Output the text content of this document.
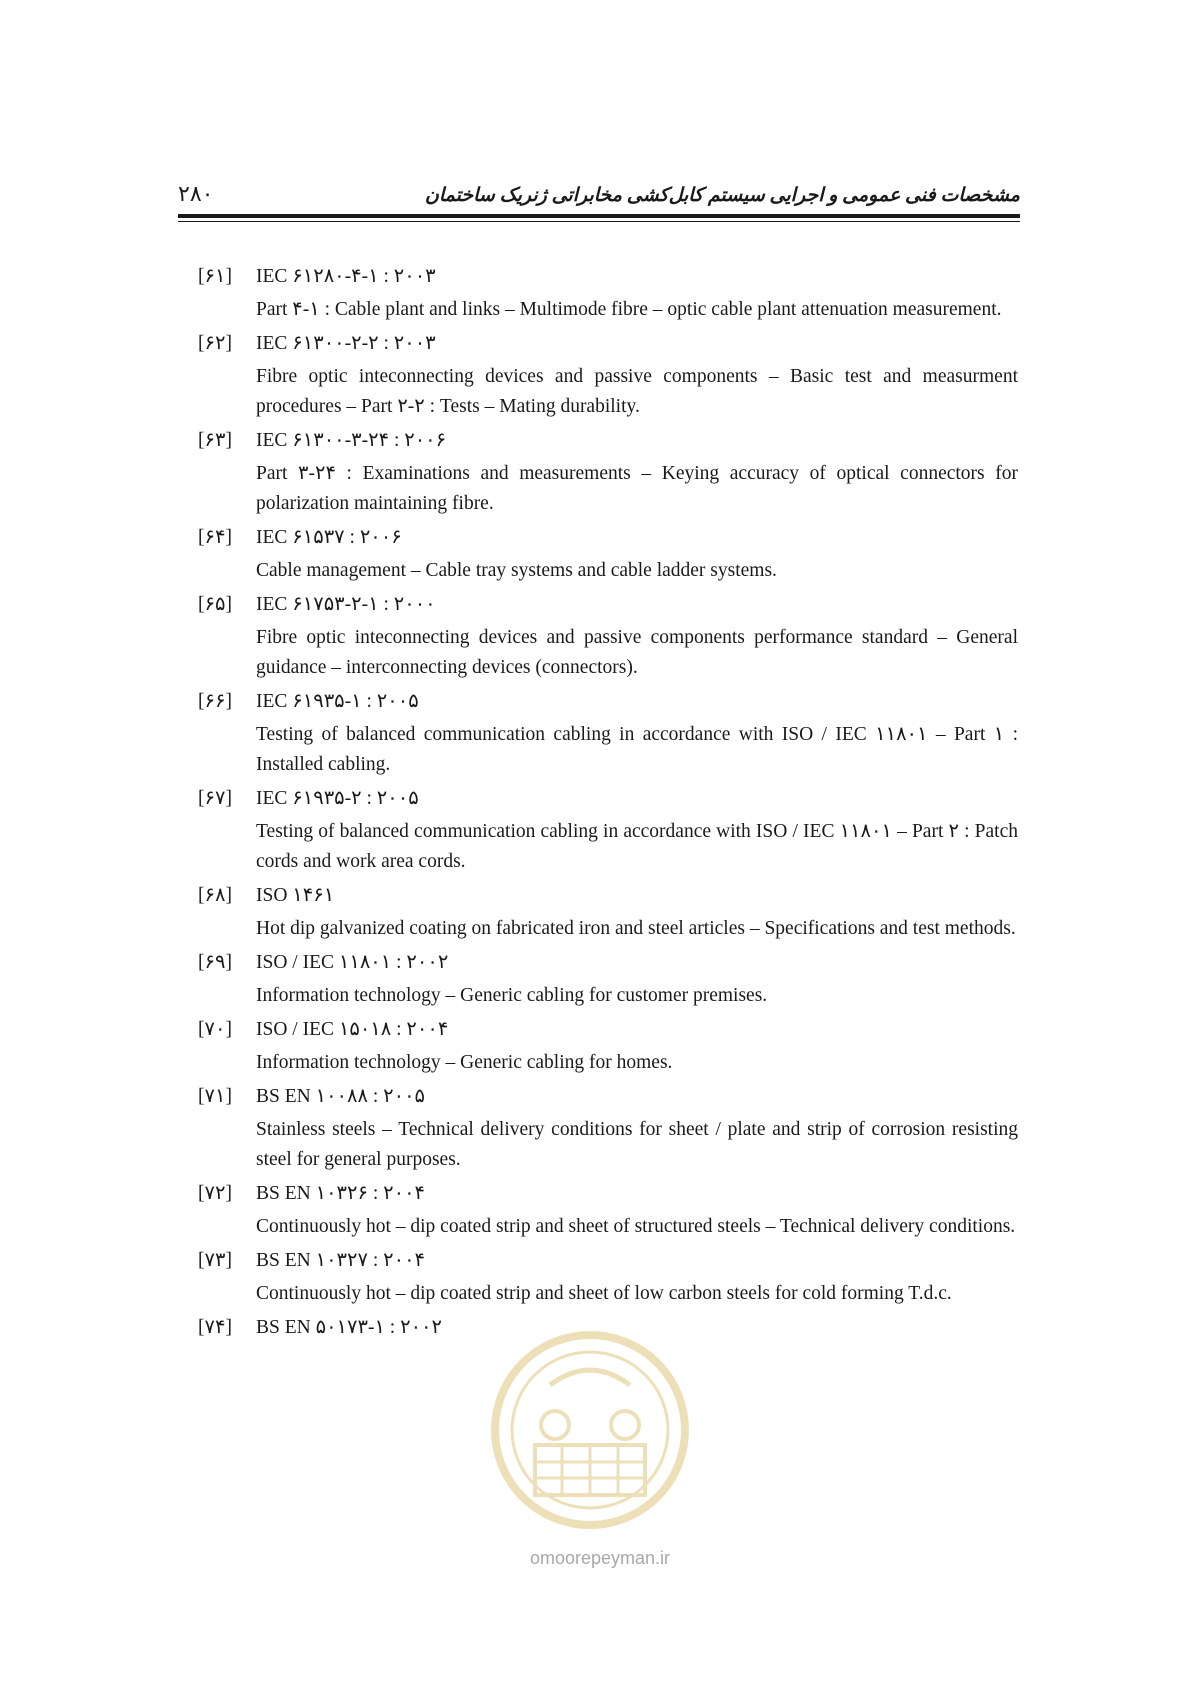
۲۸۰	مشخصات فنی عمومی و اجرایی سیستم کابل‌کشی مخابراتی ژنریک ساختمان
[۶۱]	IEC ۶۱۲۸۰-۴-۱ : ۲۰۰۳
Part ۴-۱ : Cable plant and links – Multimode fibre – optic cable plant attenuation measurement.
[۶۲]	IEC ۶۱۳۰۰-۲-۲ : ۲۰۰۳
Fibre optic inteconnecting devices and passive components – Basic test and measurment procedures – Part ۲-۲ : Tests – Mating durability.
[۶۳]	IEC ۶۱۳۰۰-۳-۲۴ : ۲۰۰۶
Part ۳-۲۴ : Examinations and measurements – Keying accuracy of optical connectors for polarization maintaining fibre.
[۶۴]	IEC ۶۱۵۳۷ : ۲۰۰۶
Cable management – Cable tray systems and cable ladder systems.
[۶۵]	IEC ۶۱۷۵۳-۲-۱ : ۲۰۰۰
Fibre optic inteconnecting devices and passive components performance standard – General guidance – interconnecting devices (connectors).
[۶۶]	IEC ۶۱۹۳۵-۱ : ۲۰۰۵
Testing of balanced communication cabling in accordance with ISO / IEC ۱۱۸۰۱ – Part ۱ : Installed cabling.
[۶۷]	IEC ۶۱۹۳۵-۲ : ۲۰۰۵
Testing of balanced communication cabling in accordance with ISO / IEC ۱۱۸۰۱ – Part ۲ : Patch cords and work area cords.
[۶۸]	ISO ۱۴۶۱
Hot dip galvanized coating on fabricated iron and steel articles – Specifications and test methods.
[۶۹]	ISO / IEC ۱۱۸۰۱ : ۲۰۰۲
Information technology – Generic cabling for customer premises.
[۷۰]	ISO / IEC ۱۵۰۱۸ : ۲۰۰۴
Information technology – Generic cabling for homes.
[۷۱]	BS EN ۱۰۰۸۸ : ۲۰۰۵
Stainless steels – Technical delivery conditions for sheet / plate and strip of corrosion resisting steel for general purposes.
[۷۲]	BS EN ۱۰۳۲۶ : ۲۰۰۴
Continuously hot – dip coated strip and sheet of structured steels – Technical delivery conditions.
[۷۳]	BS EN ۱۰۳۲۷ : ۲۰۰۴
Continuously hot – dip coated strip and sheet of low carbon steels for cold forming T.d.c.
[۷۴]	BS EN ۵۰۱۷۳-۱ : ۲۰۰۲
omoorepeyman.ir
